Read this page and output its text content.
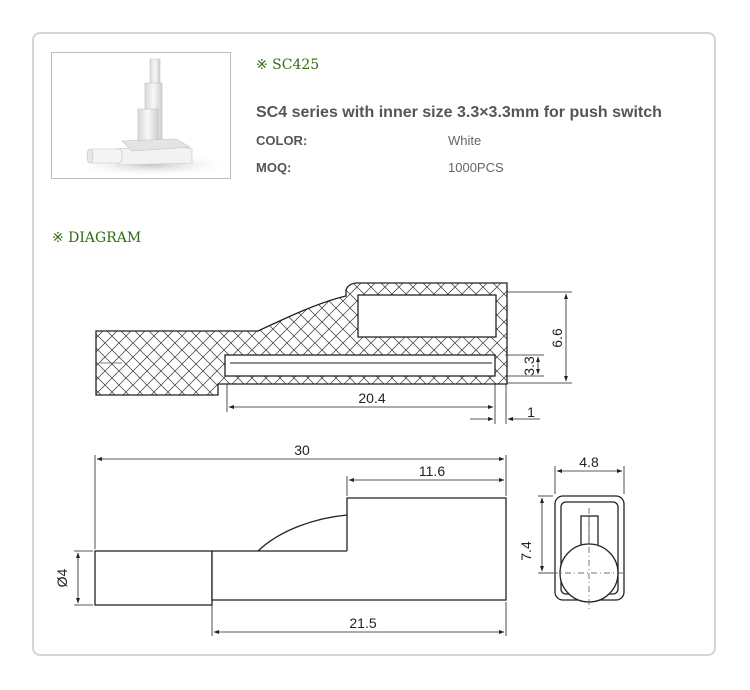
※ SC425
SC4 series with inner size 3.3×3.3mm for push switch
COLOR:	White
MOQ:	1000PCS
※ DIAGRAM
6.6
3.3
20.4
1
30
11.6
Ø4
21.5
4.8
7.4
